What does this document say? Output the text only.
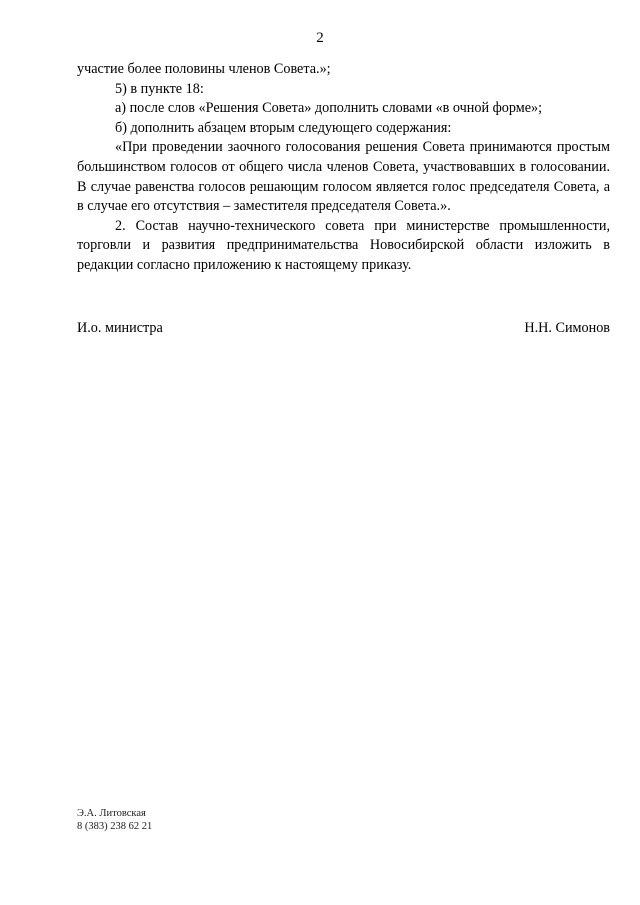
2

участие более половины членов Совета.»;

5) в пункте 18:

а) после слов «Решения Совета» дополнить словами «в очной форме»;

б) дополнить абзацем вторым следующего содержания:

«При проведении заочного голосования решения Совета принимаются простым большинством голосов от общего числа членов Совета, участвовавших в голосовании. В случае равенства голосов решающим голосом является голос председателя Совета, а в случае его отсутствия – заместителя председателя Совета.».

2. Состав научно-технического совета при министерстве промышленности, торговли и развития предпринимательства Новосибирской области изложить в редакции согласно приложению к настоящему приказу.

И.о. министра	Н.Н. Симонов
Э.А. Литовская
8 (383) 238 62 21
